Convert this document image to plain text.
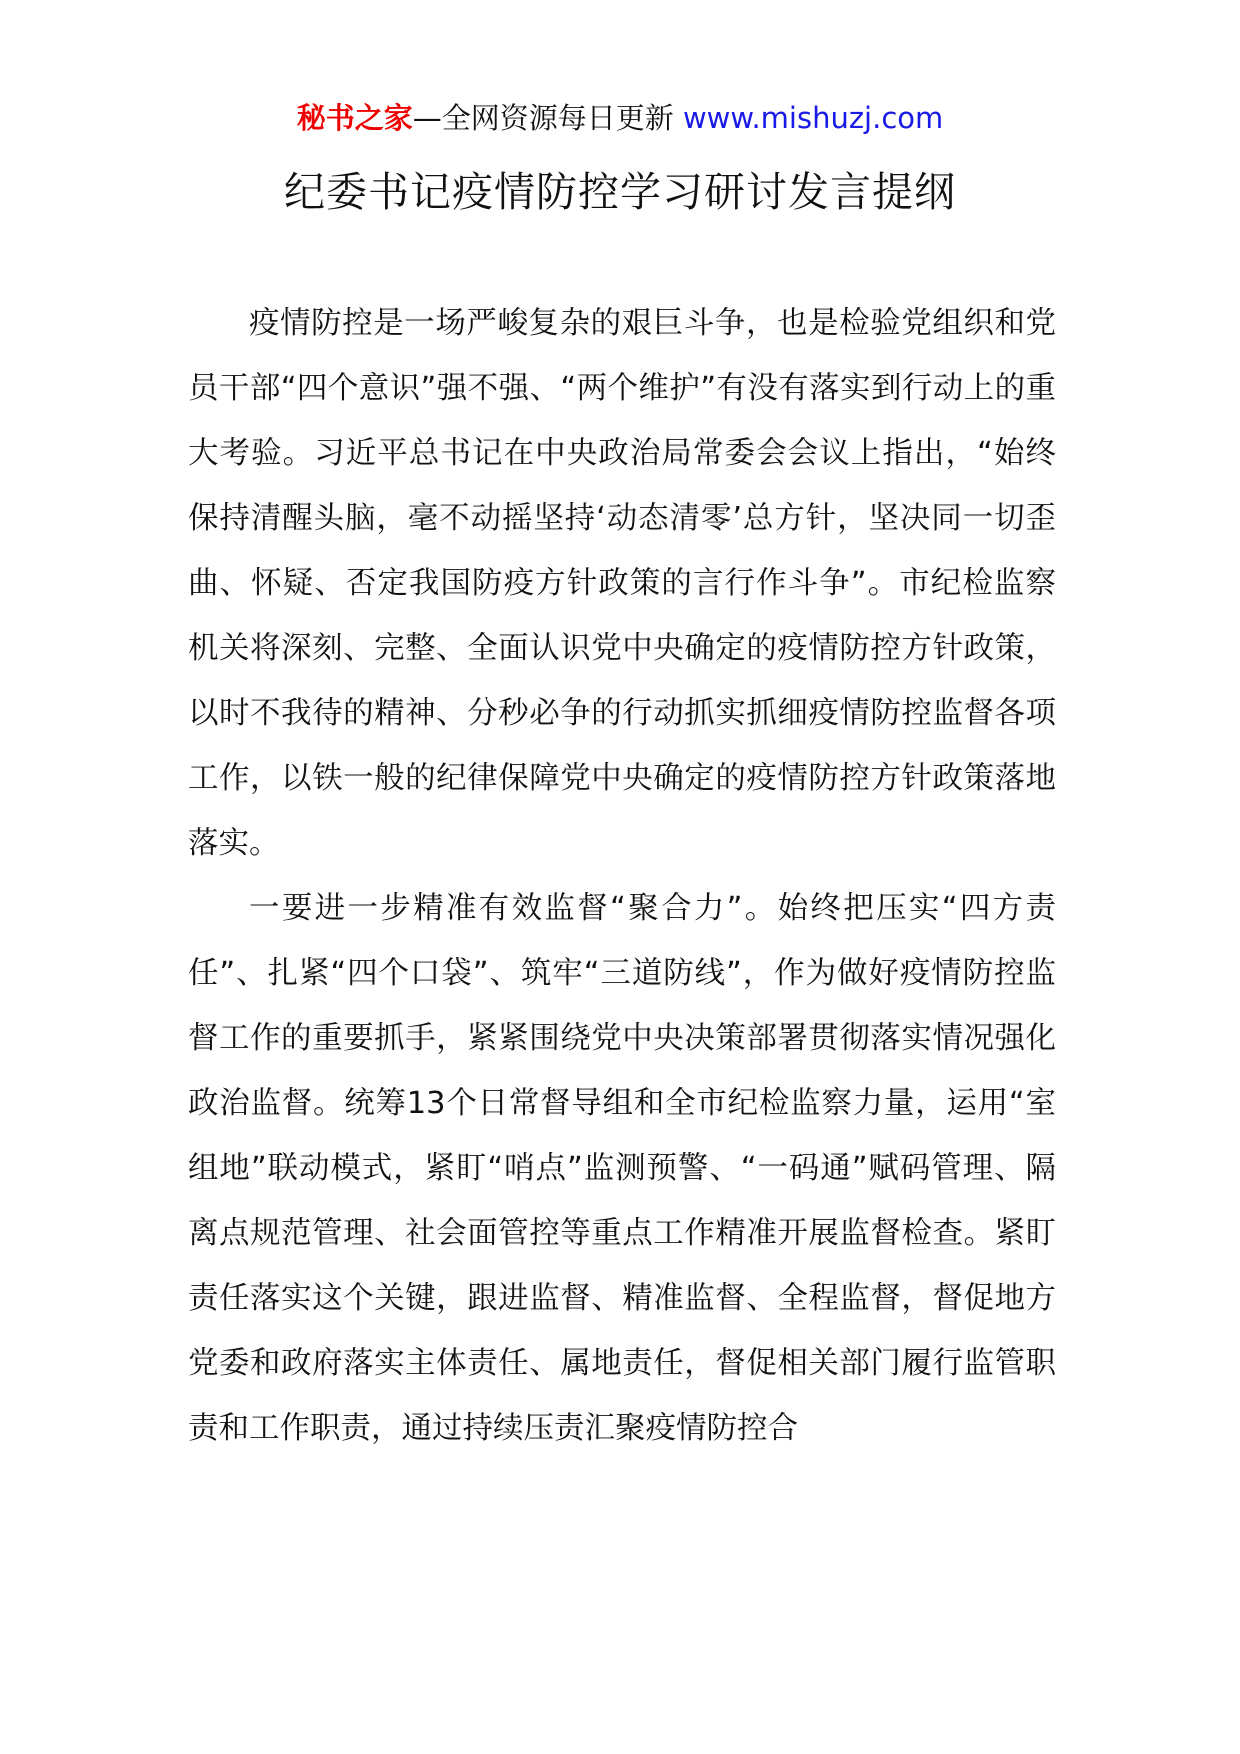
秘书之家—全网资源每日更新 www.mishuzj.com
纪委书记疫情防控学习研讨发言提纲

疫情防控是一场严峻复杂的艰巨斗争，也是检验党组织和党员干部“四个意识”强不强、“两个维护”有没有落实到行动上的重大考验。习近平总书记在中央政治局常委会会议上指出，“始终保持清醒头脑，毫不动摇坚持‘动态清零’总方针，坚决同一切歪曲、怀疑、否定我国防疫方针政策的言行作斗争”。市纪检监察机关将深刻、完整、全面认识党中央确定的疫情防控方针政策，以时不我待的精神、分秒必争的行动抓实抓细疫情防控监督各项工作，以铁一般的纪律保障党中央确定的疫情防控方针政策落地落实。

一要进一步精准有效监督“聚合力”。始终把压实“四方责任”、扎紧“四个口袋”、筑牢“三道防线”，作为做好疫情防控监督工作的重要抓手，紧紧围绕党中央决策部署贯彻落实情况强化政治监督。统筹13个日常督导组和全市纪检监察力量，运用“室组地”联动模式，紧盯“哨点”监测预警、“一码通”赋码管理、隔离点规范管理、社会面管控等重点工作精准开展监督检查。紧盯责任落实这个关键，跟进监督、精准监督、全程监督，督促地方党委和政府落实主体责任、属地责任，督促相关部门履行监管职责和工作职责，通过持续压责汇聚疫情防控合
